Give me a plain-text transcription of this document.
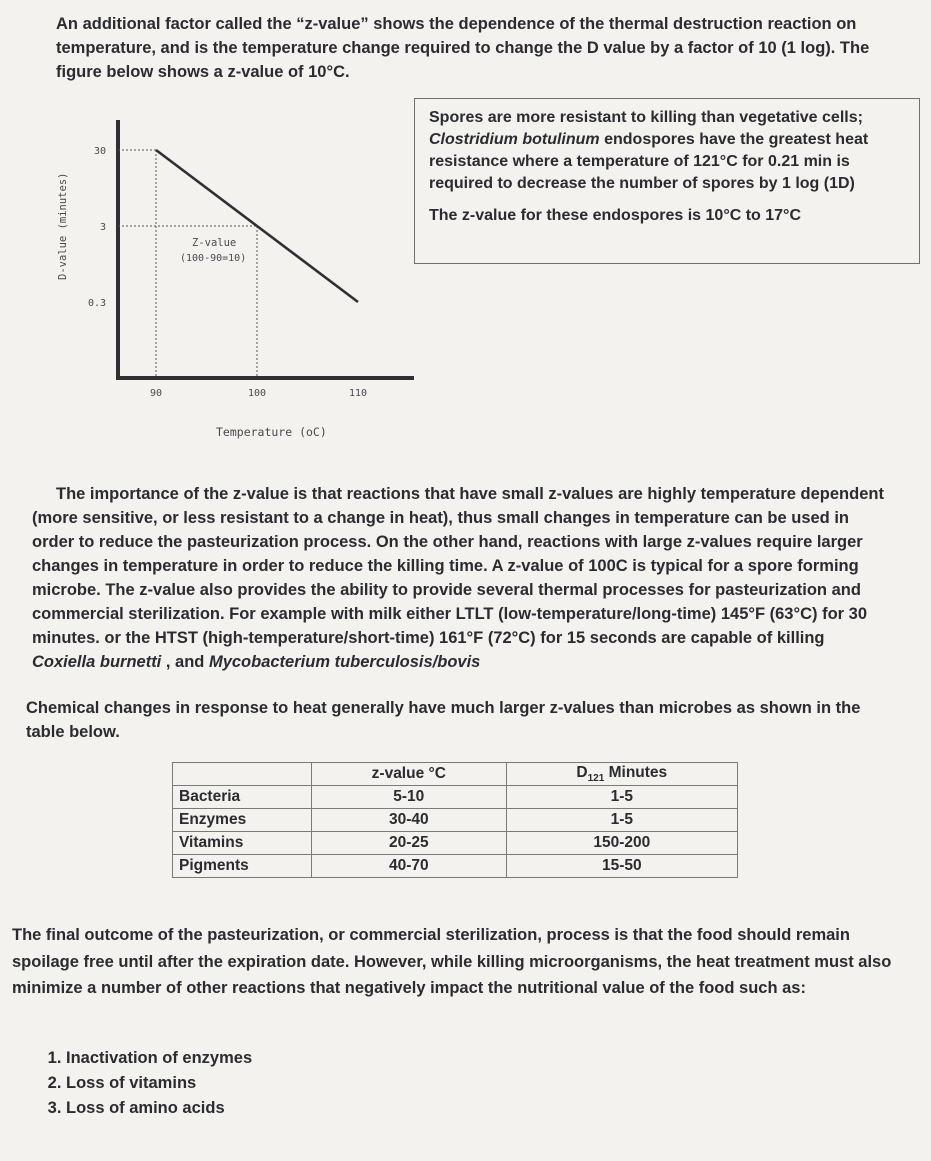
An additional factor called the “z-value” shows the dependence of the thermal destruction reaction on temperature, and is the temperature change required to change the D value by a factor of 10 (1 log). The figure below shows a z-value of 10°C.

90	100	110
30
3
0.3
D-value (minutes)
Temperature (oC)
Z-value
(100-90=10)

Spores are more resistant to killing than vegetative cells; Clostridium botulinum endospores have the greatest heat resistance where a temperature of 121°C for 0.21 min is required to decrease the number of spores by 1 log (1D)

The z-value for these endospores is 10°C to 17°C

The importance of the z-value is that reactions that have small z-values are highly temperature dependent (more sensitive, or less resistant to a change in heat), thus small changes in temperature can be used in order to reduce the pasteurization process. On the other hand, reactions with large z-values require larger changes in temperature in order to reduce the killing time. A z-value of 100C is typical for a spore forming microbe. The z-value also provides the ability to provide several thermal processes for pasteurization and commercial sterilization. For example with milk either LTLT (low-temperature/long-time) 145°F (63°C) for 30 minutes. or the HTST (high-temperature/short-time) 161°F (72°C) for 15 seconds are capable of killing Coxiella burnetti , and Mycobacterium tuberculosis/bovis

Chemical changes in response to heat generally have much larger z-values than microbes as shown in the table below.

	z-value °C	$D_{121}$ Minutes
Bacteria	5-10	1-5
Enzymes	30-40	1-5
Vitamins	20-25	150-200
Pigments	40-70	15-50

The final outcome of the pasteurization, or commercial sterilization, process is that the food should remain spoilage free until after the expiration date. However, while killing microorganisms, the heat treatment must also minimize a number of other reactions that negatively impact the nutritional value of the food such as:

1. Inactivation of enzymes
2. Loss of vitamins
3. Loss of amino acids
